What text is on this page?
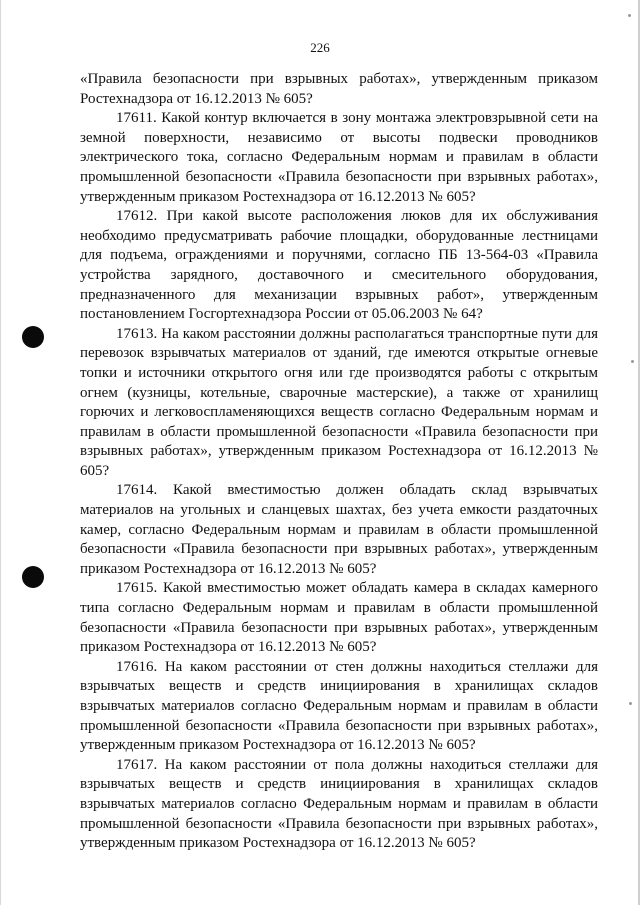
226

«Правила безопасности при взрывных работах», утвержденным приказом Ростехнадзора от 16.12.2013 № 605?

17611. Какой контур включается в зону монтажа электровзрывной сети на земной поверхности, независимо от высоты подвески проводников электрического тока, согласно Федеральным нормам и правилам в области промышленной безопасности «Правила безопасности при взрывных работах», утвержденным приказом Ростехнадзора от 16.12.2013 № 605?

17612. При какой высоте расположения люков для их обслуживания необходимо предусматривать рабочие площадки, оборудованные лестницами для подъема, ограждениями и поручнями, согласно ПБ 13-564-03 «Правила устройства зарядного, доставочного и смесительного оборудования, предназначенного для механизации взрывных работ», утвержденным постановлением Госгортехнадзора России от 05.06.2003 № 64?

17613. На каком расстоянии должны располагаться транспортные пути для перевозок взрывчатых материалов от зданий, где имеются открытые огневые топки и источники открытого огня или где производятся работы с открытым огнем (кузницы, котельные, сварочные мастерские), а также от хранилищ горючих и легковоспламеняющихся веществ согласно Федеральным нормам и правилам в области промышленной безопасности «Правила безопасности при взрывных работах», утвержденным приказом Ростехнадзора от 16.12.2013 № 605?

17614. Какой вместимостью должен обладать склад взрывчатых материалов на угольных и сланцевых шахтах, без учета емкости раздаточных камер, согласно Федеральным нормам и правилам в области промышленной безопасности «Правила безопасности при взрывных работах», утвержденным приказом Ростехнадзора от 16.12.2013 № 605?

17615. Какой вместимостью может обладать камера в складах камерного типа согласно Федеральным нормам и правилам в области промышленной безопасности «Правила безопасности при взрывных работах», утвержденным приказом Ростехнадзора от 16.12.2013 № 605?

17616. На каком расстоянии от стен должны находиться стеллажи для взрывчатых веществ и средств инициирования в хранилищах складов взрывчатых материалов согласно Федеральным нормам и правилам в области промышленной безопасности «Правила безопасности при взрывных работах», утвержденным приказом Ростехнадзора от 16.12.2013 № 605?

17617. На каком расстоянии от пола должны находиться стеллажи для взрывчатых веществ и средств инициирования в хранилищах складов взрывчатых материалов согласно Федеральным нормам и правилам в области промышленной безопасности «Правила безопасности при взрывных работах», утвержденным приказом Ростехнадзора от 16.12.2013 № 605?
